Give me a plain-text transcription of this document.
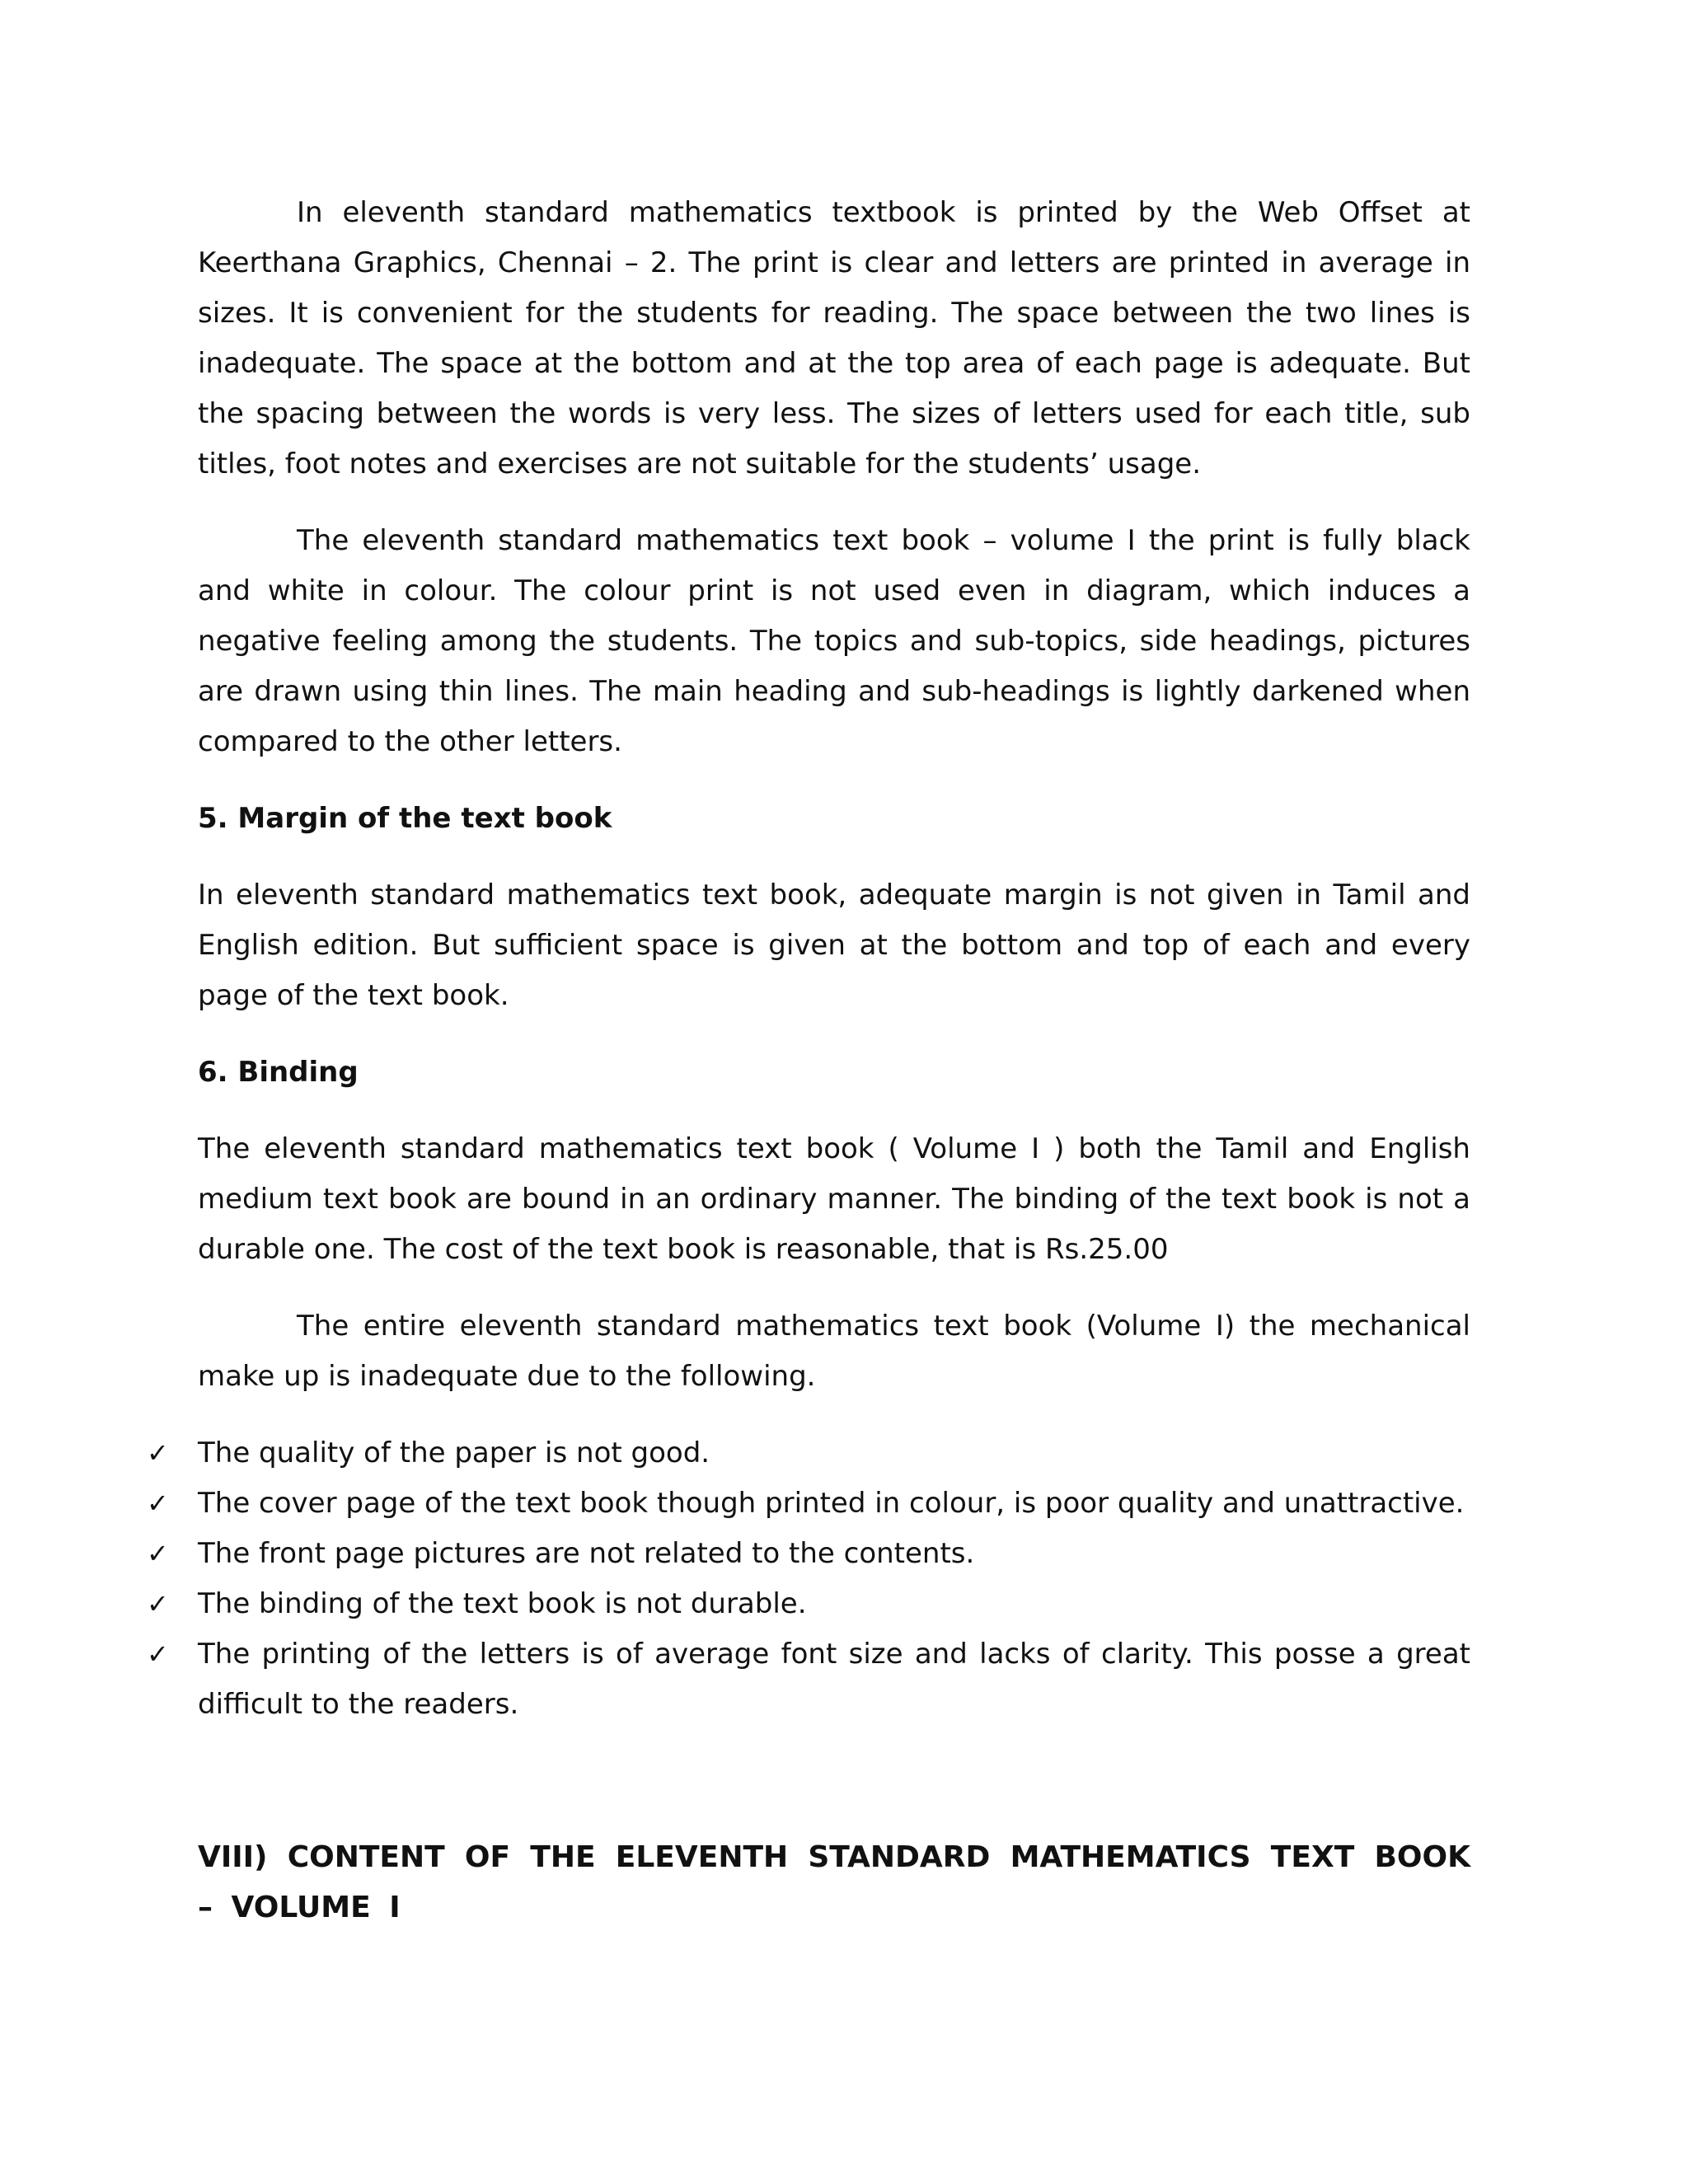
In eleventh standard mathematics textbook is printed by the Web Offset at Keerthana Graphics, Chennai – 2. The print is clear and letters are printed in average in sizes. It is convenient for the students for reading. The space between the two lines is inadequate. The space at the bottom and at the top area of each page is adequate. But the spacing between the words is very less. The sizes of letters used for each title, sub titles, foot notes and exercises are not suitable for the students’ usage.

The eleventh standard mathematics text book – volume I the print is fully black and white in colour. The colour print is not used even in diagram, which induces a negative feeling among the students. The topics and sub-topics, side headings, pictures are drawn using thin lines. The main heading and sub-headings is lightly darkened when compared to the other letters.

5. Margin of the text book

In eleventh standard mathematics text book, adequate margin is not given in Tamil and English edition. But sufficient space is given at the bottom and top of each and every page of the text book.

6. Binding

The eleventh standard mathematics text book ( Volume I ) both the Tamil and English medium text book are bound in an ordinary manner. The binding of the text book is not a durable one. The cost of the text book is reasonable, that is Rs.25.00

The entire eleventh standard mathematics text book (Volume I) the mechanical make up is inadequate due to the following.

✓	The quality of the paper is not good.
✓	The cover page of the text book though printed in colour, is poor quality and unattractive.
✓	The front page pictures are not related to the contents.
✓	The binding of the text book is not durable.
✓	The printing of the letters is of average font size and lacks of clarity. This posse a great difficult to the readers.
VIII) CONTENT OF THE ELEVENTH STANDARD MATHEMATICS TEXT BOOK – VOLUME I
